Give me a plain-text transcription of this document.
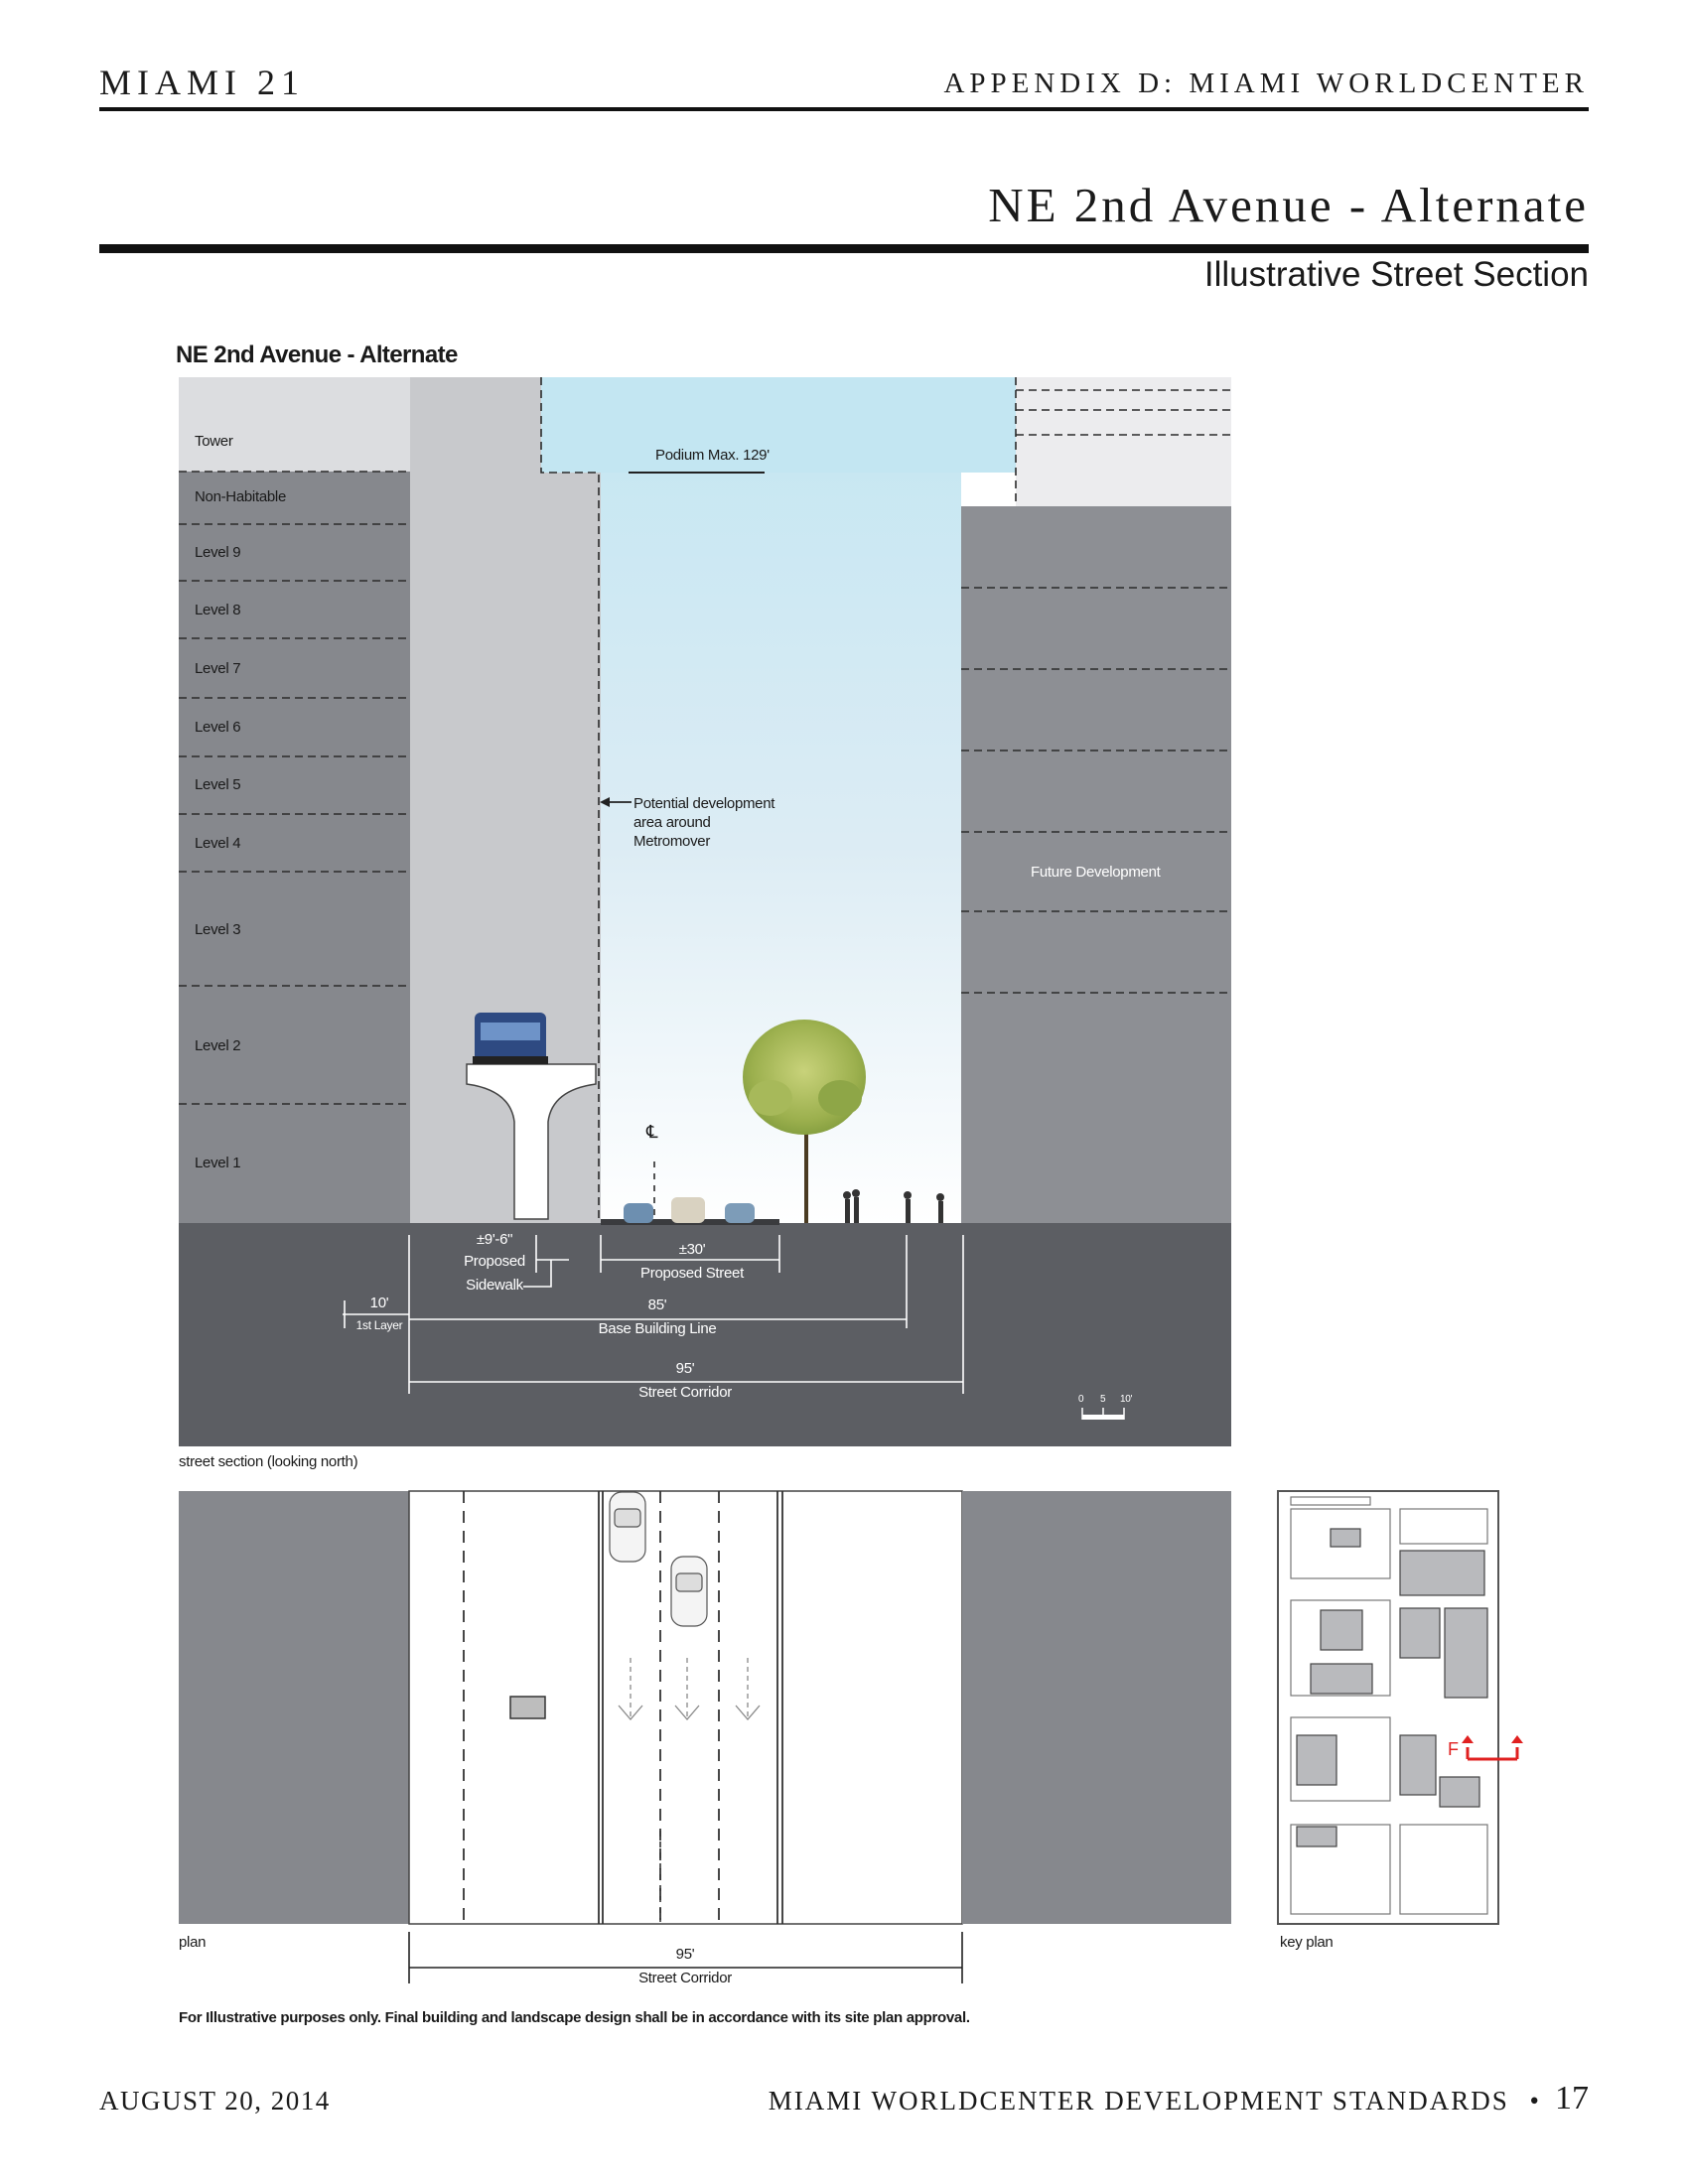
MIAMI 21	APPENDIX D: MIAMI WORLDCENTER
NE 2nd Avenue - Alternate
Illustrative Street Section
NE 2nd Avenue - Alternate
Tower
Non-Habitable
Level 9
Level 8
Level 7
Level 6
Level 5
Level 4
Level 3
Level 2
Level 1
Podium Max. 129'
Potential development area around Metromover
Future Development
℄
±9'-6"
Proposed
Sidewalk
±30'
Proposed Street
10'
1st Layer
85'
Base Building Line
95'
Street Corridor	0 5 10'
street section (looking north)
plan	key plan
F
95'
Street Corridor
For Illustrative purposes only. Final building and landscape design shall be in accordance with its site plan approval.
AUGUST 20, 2014	MIAMI WORLDCENTER DEVELOPMENT STANDARDS • 17
